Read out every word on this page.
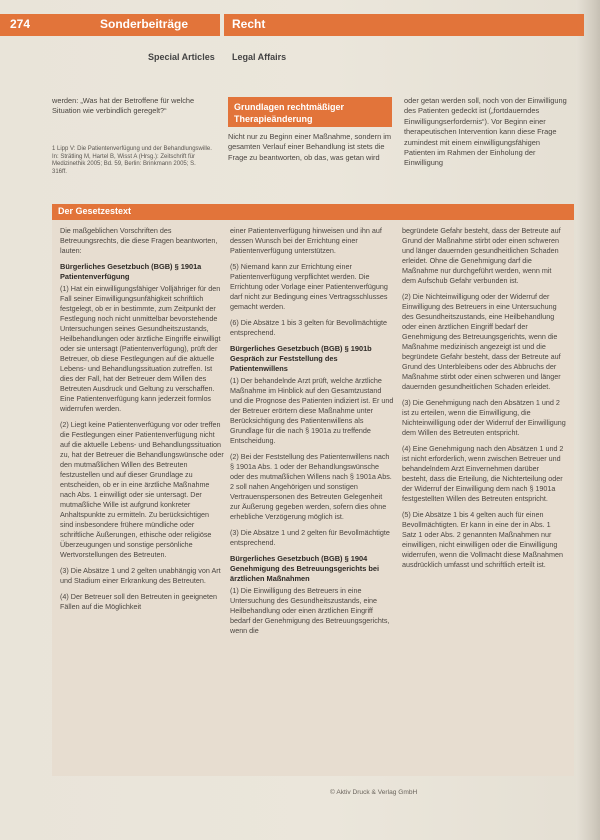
274	Sonderbeiträge	Recht
Special Articles Legal Affairs
werden: „Was hat der Betroffene für welche Situation wie verbindlich geregelt?“
1 Lipp V: Die Patientenverfügung und der Behandlungswille. In: Strätling M, Hartel B, Wisst A (Hrsg.): Zeitschrift für Medizinethik 2005; Bd. 59, Berlin: Brinkmann 2005; S. 316ff.
Grundlagen rechtmäßiger Therapieänderung
Nicht nur zu Beginn einer Maßnahme, sondern im gesamten Verlauf einer Behandlung ist stets die Frage zu beantworten, ob das, was getan wird
oder getan werden soll, noch von der Einwilligung des Patienten gedeckt ist („fortdauerndes Einwilligungserfordernis“). Vor Beginn einer therapeutischen Intervention kann diese Frage zumindest mit einem einwilligungsfähigen Patienten im Rahmen der Einholung der Einwilligung
Der Gesetzestext

Die maßgeblichen Vorschriften des Betreuungsrechts, die diese Fragen beantworten, lauten:

Bürgerliches Gesetzbuch (BGB) § 1901a Patientenverfügung

(1) Hat ein einwilligungsfähiger Volljähriger für den Fall seiner Einwilligungsunfähigkeit schriftlich festgelegt, ob er in bestimmte, zum Zeitpunkt der Festlegung noch nicht unmittelbar bevorstehende Untersuchungen seines Gesundheitszustands, Heilbehandlungen oder ärztliche Eingriffe einwilligt oder sie untersagt (Patientenverfügung), prüft der Betreuer, ob diese Festlegungen auf die aktuelle Lebens- und Behandlungssituation zutreffen. Ist dies der Fall, hat der Betreuer dem Willen des Betreuten Ausdruck und Geltung zu verschaffen. Eine Patientenverfügung kann jederzeit formlos widerrufen werden.

(2) Liegt keine Patientenverfügung vor oder treffen die Festlegungen einer Patientenverfügung nicht auf die aktuelle Lebens- und Behandlungssituation zu, hat der Betreuer die Behandlungswünsche oder den mutmaßlichen Willen des Betreuten festzustellen und auf dieser Grundlage zu entscheiden, ob er in eine ärztliche Maßnahme nach Abs. 1 einwilligt oder sie untersagt. Der mutmaßliche Wille ist aufgrund konkreter Anhaltspunkte zu ermitteln. Zu berücksichtigen sind insbesondere frühere mündliche oder schriftliche Äußerungen, ethische oder religiöse Überzeugungen und sonstige persönliche Wertvorstellungen des Betreuten.

(3) Die Absätze 1 und 2 gelten unabhängig von Art und Stadium einer Erkrankung des Betreuten.

(4) Der Betreuer soll den Betreuten in geeigneten Fällen auf die Möglichkeit

einer Patientenverfügung hinweisen und ihn auf dessen Wunsch bei der Errichtung einer Patientenverfügung unterstützen.

(5) Niemand kann zur Errichtung einer Patientenverfügung verpflichtet werden. Die Errichtung oder Vorlage einer Patientenverfügung darf nicht zur Bedingung eines Vertragsschlusses gemacht werden.

(6) Die Absätze 1 bis 3 gelten für Bevollmächtigte entsprechend.

Bürgerliches Gesetzbuch (BGB) § 1901b Gespräch zur Feststellung des Patientenwillens

(1) Der behandelnde Arzt prüft, welche ärztliche Maßnahme im Hinblick auf den Gesamtzustand und die Prognose des Patienten indiziert ist. Er und der Betreuer erörtern diese Maßnahme unter Berücksichtigung des Patientenwillens als Grundlage für die nach § 1901a zu treffende Entscheidung.

(2) Bei der Feststellung des Patientenwillens nach § 1901a Abs. 1 oder der Behandlungswünsche oder des mutmaßlichen Willens nach § 1901a Abs. 2 soll nahen Angehörigen und sonstigen Vertrauenspersonen des Betreuten Gelegenheit zur Äußerung gegeben werden, sofern dies ohne erhebliche Verzögerung möglich ist.

(3) Die Absätze 1 und 2 gelten für Bevollmächtigte entsprechend.

Bürgerliches Gesetzbuch (BGB) § 1904 Genehmigung des Betreuungsgerichts bei ärztlichen Maßnahmen

(1) Die Einwilligung des Betreuers in eine Untersuchung des Gesundheitszustands, eine Heilbehandlung oder einen ärztlichen Eingriff bedarf der Genehmigung des Betreuungsgerichts, wenn die

begründete Gefahr besteht, dass der Betreute auf Grund der Maßnahme stirbt oder einen schweren und länger dauernden gesundheitlichen Schaden erleidet. Ohne die Genehmigung darf die Maßnahme nur durchgeführt werden, wenn mit dem Aufschub Gefahr verbunden ist.

(2) Die Nichteinwilligung oder der Widerruf der Einwilligung des Betreuers in eine Untersuchung des Gesundheitszustands, eine Heilbehandlung oder einen ärztlichen Eingriff bedarf der Genehmigung des Betreuungsgerichts, wenn die Maßnahme medizinisch angezeigt ist und die begründete Gefahr besteht, dass der Betreute auf Grund des Unterbleibens oder des Abbruchs der Maßnahme stirbt oder einen schweren und länger dauernden gesundheitlichen Schaden erleidet.

(3) Die Genehmigung nach den Absätzen 1 und 2 ist zu erteilen, wenn die Einwilligung, die Nichteinwilligung oder der Widerruf der Einwilligung dem Willen des Betreuten entspricht.

(4) Eine Genehmigung nach den Absätzen 1 und 2 ist nicht erforderlich, wenn zwischen Betreuer und behandelndem Arzt Einvernehmen darüber besteht, dass die Erteilung, die Nichterteilung oder der Widerruf der Einwilligung dem nach § 1901a festgestellten Willen des Betreuten entspricht.

(5) Die Absätze 1 bis 4 gelten auch für einen Bevollmächtigten. Er kann in eine der in Abs. 1 Satz 1 oder Abs. 2 genannten Maßnahmen nur einwilligen, nicht einwilligen oder die Einwilligung widerrufen, wenn die Vollmacht diese Maßnahmen ausdrücklich umfasst und schriftlich erteilt ist.

© Aktiv Druck & Verlag GmbH
